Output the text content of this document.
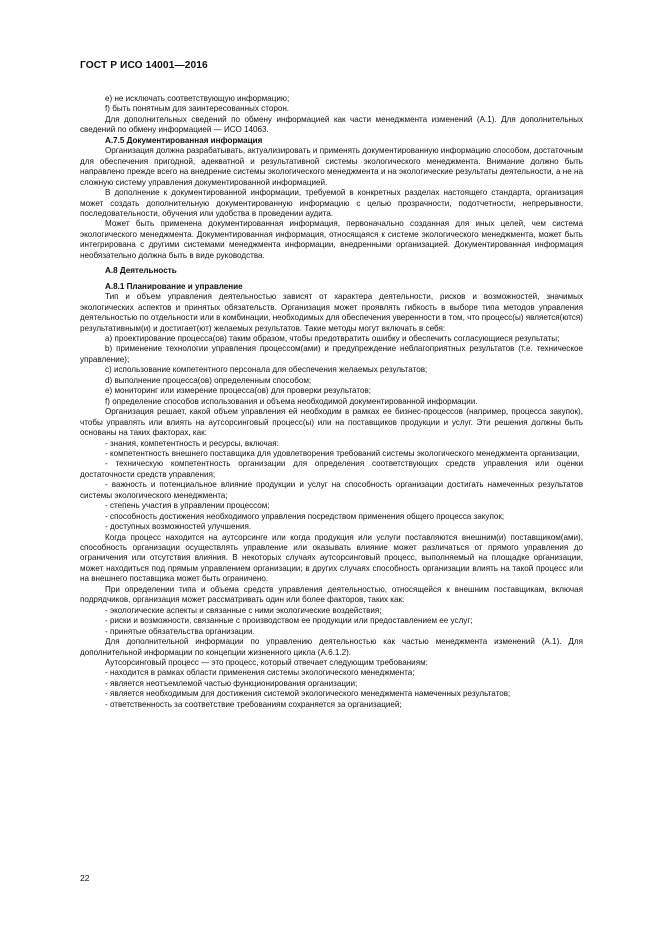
ГОСТ Р ИСО 14001—2016

е) не исключать соответствующую информацию;

f) быть понятным для заинтересованных сторон.

Для дополнительных сведений по обмену информацией как части менеджмента изменений (А.1). Для дополнительных сведений по обмену информацией — ИСО 14063.

А.7.5 Документированная информация

Организация должна разрабатывать, актуализировать и применять документированную информацию способом, достаточным для обеспечения пригодной, адекватной и результативной системы экологического менеджмента. Внимание должно быть направлено прежде всего на внедрение системы экологического менеджмента и на экологические результаты деятельности, а не на сложную систему управления документированной информацией.

В дополнение к документированной информации, требуемой в конкретных разделах настоящего стандарта, организация может создать дополнительную документированную информацию с целью прозрачности, подотчетности, непрерывности, последовательности, обучения или удобства в проведении аудита.

Может быть применена документированная информация, первоначально созданная для иных целей, чем система экологического менеджмента. Документированная информация, относящаяся к системе экологического менеджмента, может быть интегрирована с другими системами менеджмента информации, внедренными организацией. Документированная информация необязательно должна быть в виде руководства.

А.8 Деятельность

А.8.1 Планирование и управление

Тип и объем управления деятельностью зависят от характера деятельности, рисков и возможностей, значимых экологических аспектов и принятых обязательств. Организация может проявлять гибкость в выборе типа методов управления деятельностью по отдельности или в комбинации, необходимых для обеспечения уверенности в том, что процесс(ы) является(ются) результативным(и) и достигает(ют) желаемых результатов. Такие методы могут включать в себя:

a) проектирование процесса(ов) таким образом, чтобы предотвратить ошибку и обеспечить согласующиеся результаты;

b) применение технологии управления процессом(ами) и предупреждение неблагоприятных результатов (т.е. техническое управление);

c) использование компетентного персонала для обеспечения желаемых результатов;

d) выполнение процесса(ов) определенным способом;

e) мониторинг или измерение процесса(ов) для проверки результатов;

f) определение способов использования и объема необходимой документированной информации.

Организация решает, какой объем управления ей необходим в рамках ее бизнес-процессов (например, процесса закупок), чтобы управлять или влиять на аутсорсинговый процесс(ы) или на поставщиков продукции и услуг. Эти решения должны быть основаны на таких факторах, как:

- знания, компетентность и ресурсы, включая:

- компетентность внешнего поставщика для удовлетворения требований системы экологического менеджмента организации,

- техническую компетентность организации для определения соответствующих средств управления или оценки достаточности средств управления;

- важность и потенциальное влияние продукции и услуг на способность организации достигать намеченных результатов системы экологического менеджмента;

- степень участия в управлении процессом;

- способность достижения необходимого управления посредством применения общего процесса закупок;

- доступных возможностей улучшения.

Когда процесс находится на аутсорсинге или когда продукция или услуги поставляются внешним(и) поставщиком(ами), способность организации осуществлять управление или оказывать влияние может различаться от прямого управления до ограничения или отсутствия влияния. В некоторых случаях аутсорсинговый процесс, выполняемый на площадке организации, может находиться под прямым управлением организации; в других случаях способность организации влиять на такой процесс или на внешнего поставщика может быть ограничено.

При определении типа и объема средств управления деятельностью, относящейся к внешним поставщикам, включая подрядчиков, организация может рассматривать один или более факторов, таких как:

- экологические аспекты и связанные с ними экологические воздействия;

- риски и возможности, связанные с производством ее продукции или предоставлением ее услуг;

- принятые обязательства организации.

Для дополнительной информации по управлению деятельностью как частью менеджмента изменений (А.1). Для дополнительной информации по концепции жизненного цикла (А.6.1.2).

Аутсорсинговый процесс — это процесс, который отвечает следующим требованиям:

- находится в рамках области применения системы экологического менеджмента;

- является неотъемлемой частью функционирования организации;

- является необходимым для достижения системой экологического менеджмента намеченных результатов;

- ответственность за соответствие требованиям сохраняется за организацией;

22
